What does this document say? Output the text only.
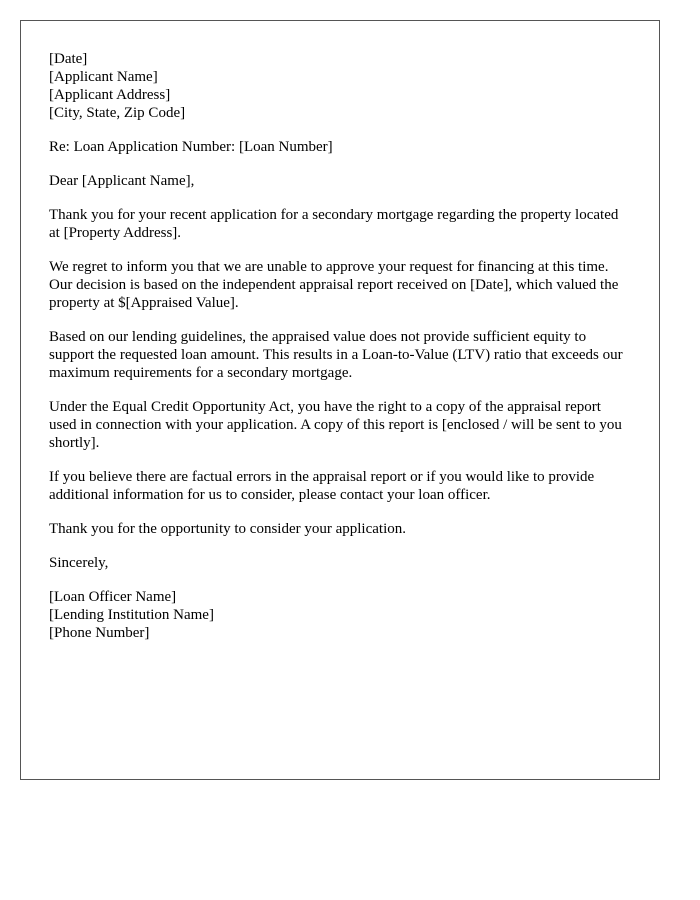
[Date]
[Applicant Name]
[Applicant Address]
[City, State, Zip Code]

Re: Loan Application Number: [Loan Number]

Dear [Applicant Name],

Thank you for your recent application for a secondary mortgage regarding the property located at [Property Address].

We regret to inform you that we are unable to approve your request for financing at this time. Our decision is based on the independent appraisal report received on [Date], which valued the property at $[Appraised Value].

Based on our lending guidelines, the appraised value does not provide sufficient equity to support the requested loan amount. This results in a Loan-to-Value (LTV) ratio that exceeds our maximum requirements for a secondary mortgage.

Under the Equal Credit Opportunity Act, you have the right to a copy of the appraisal report used in connection with your application. A copy of this report is [enclosed / will be sent to you shortly].

If you believe there are factual errors in the appraisal report or if you would like to provide additional information for us to consider, please contact your loan officer.

Thank you for the opportunity to consider your application.

Sincerely,

[Loan Officer Name]
[Lending Institution Name]
[Phone Number]
